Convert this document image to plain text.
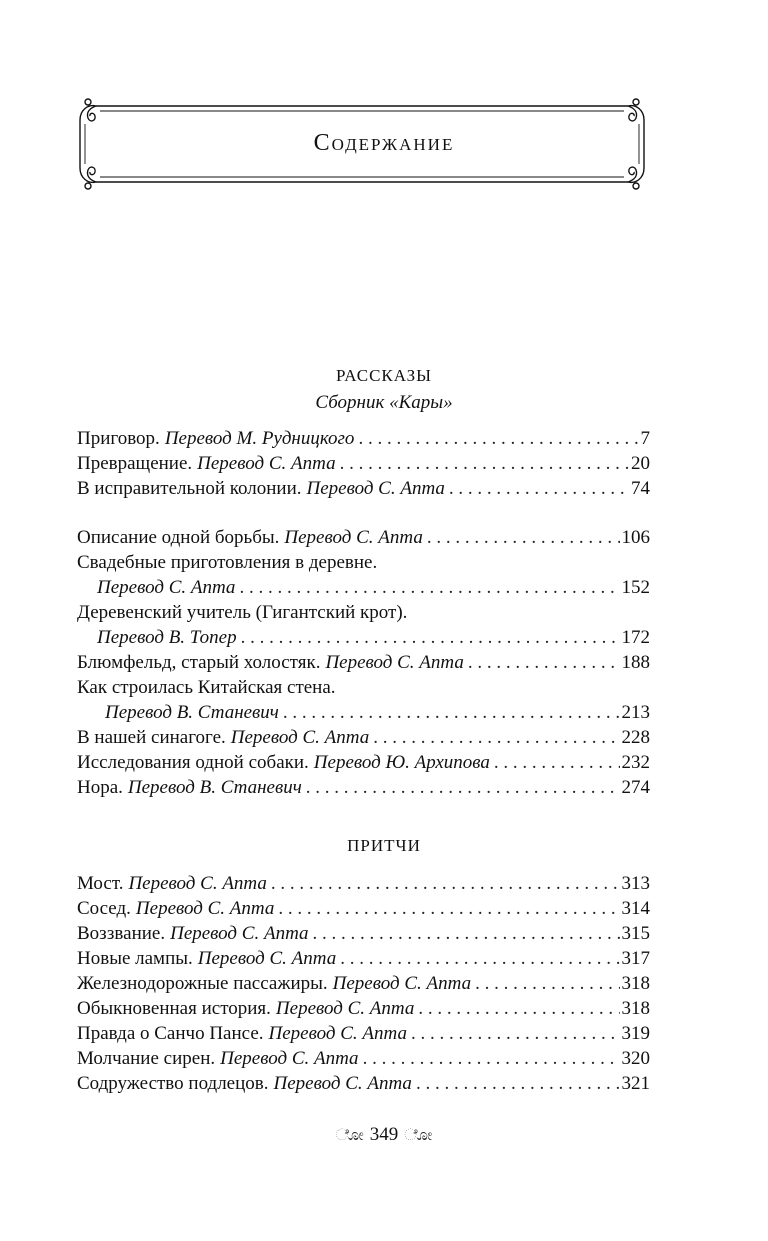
Содержание
РАССКАЗЫ
Сборник «Кары»
Приговор. Перевод М. Рудницкого . . .	7
Превращение. Перевод С. Апта . . .	20
В исправительной колонии. Перевод С. Апта . . .	74
Описание одной борьбы. Перевод С. Апта . . .	106
Свадебные приготовления в деревне.
Перевод С. Апта . . .	152
Деревенский учитель (Гигантский крот).
Перевод В. Топер . . .	172
Блюмфельд, старый холостяк. Перевод С. Апта . . .	188
Как строилась Китайская стена.
Перевод В. Станевич . . .	213
В нашей синагоге. Перевод С. Апта . . .	228
Исследования одной собаки. Перевод Ю. Архипова . . .	232
Нора. Перевод В. Станевич . . .	274
ПРИТЧИ
Мост. Перевод С. Апта . . .	313
Сосед. Перевод С. Апта . . .	314
Воззвание. Перевод С. Апта . . .	315
Новые лампы. Перевод С. Апта . . .	317
Железнодорожные пассажиры. Перевод С. Апта . . .	318
Обыкновенная история. Перевод С. Апта . . .	318
Правда о Санчо Пансе. Перевод С. Апта . . .	319
Молчание сирен. Перевод С. Апта . . .	320
Содружество подлецов. Перевод С. Апта . . .	321
ೋ 349 ೋ
